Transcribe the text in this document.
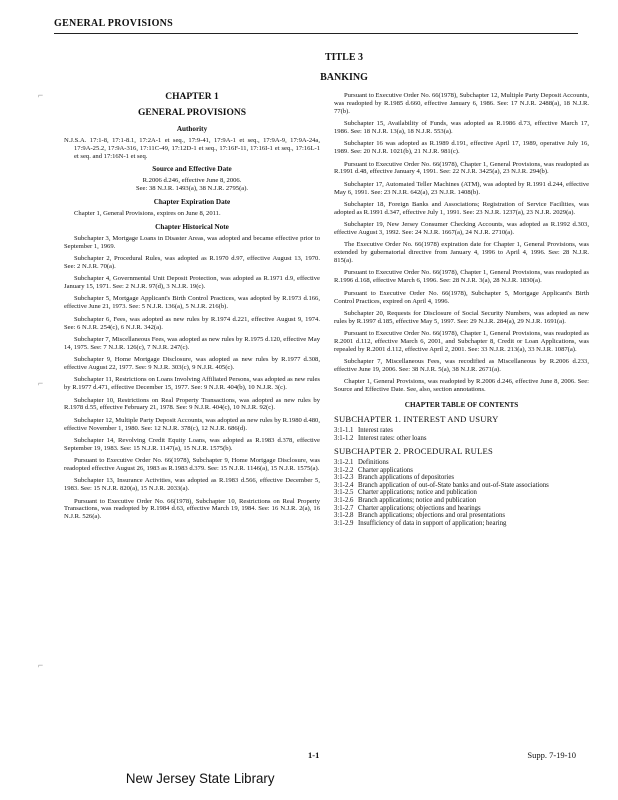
GENERAL PROVISIONS
TITLE 3
BANKING
⌐
⌐
⌐
CHAPTER 1
GENERAL PROVISIONS
Authority

N.J.S.A. 17:1-8, 17:1-8.1, 17:2A-1 et seq., 17:9-41, 17:9A-1 et seq., 17:9A-9, 17:9A-24a, 17:9A-25.2, 17:9A-316, 17:11C-49, 17:12D-1 et seq., 17:16F-11, 17:16I-1 et seq., 17:16L-1 et seq. and 17:16N-1 et seq.

Source and Effective Date

R.2006 d.246, effective June 8, 2006.

See: 38 N.J.R. 1493(a), 38 N.J.R. 2795(a).

Chapter Expiration Date

Chapter 1, General Provisions, expires on June 8, 2011.

Chapter Historical Note

Subchapter 3, Mortgage Loans in Disaster Areas, was adopted and became effective prior to September 1, 1969.

Subchapter 2, Procedural Rules, was adopted as R.1970 d.97, effective August 13, 1970. See: 2 N.J.R. 70(a).

Subchapter 4, Governmental Unit Deposit Protection, was adopted as R.1971 d.9, effective January 15, 1971. See: 2 N.J.R. 97(d), 3 N.J.R. 19(c).

Subchapter 5, Mortgage Applicant's Birth Control Practices, was adopted by R.1973 d.166, effective June 21, 1973. See: 5 N.J.R. 136(a), 5 N.J.R. 216(b).

Subchapter 6, Fees, was adopted as new rules by R.1974 d.221, effective August 9, 1974. See: 6 N.J.R. 254(c), 6 N.J.R. 342(a).

Subchapter 7, Miscellaneous Fees, was adopted as new rules by R.1975 d.120, effective May 14, 1975. See: 7 N.J.R. 126(c), 7 N.J.R. 247(c).

Subchapter 9, Home Mortgage Disclosure, was adopted as new rules by R.1977 d.308, effective August 22, 1977. See: 9 N.J.R. 303(c), 9 N.J.R. 405(c).

Subchapter 11, Restrictions on Loans Involving Affiliated Persons, was adopted as new rules by R.1977 d.471, effective December 15, 1977. See: 9 N.J.R. 404(b), 10 N.J.R. 3(c).

Subchapter 10, Restrictions on Real Property Transactions, was adopted as new rules by R.1978 d.55, effective February 21, 1978. See: 9 N.J.R. 404(c), 10 N.J.R. 92(c).

Subchapter 12, Multiple Party Deposit Accounts, was adopted as new rules by R.1980 d.480, effective November 1, 1980. See: 12 N.J.R. 378(c), 12 N.J.R. 686(d).

Subchapter 14, Revolving Credit Equity Loans, was adopted as R.1983 d.378, effective September 19, 1983. See: 15 N.J.R. 1147(a), 15 N.J.R. 1575(b).

Pursuant to Executive Order No. 66(1978), Subchapter 9, Home Mortgage Disclosure, was readopted effective August 26, 1983 as R.1983 d.379. See: 15 N.J.R. 1146(a), 15 N.J.R. 1575(a).

Subchapter 13, Insurance Activities, was adopted as R.1983 d.566, effective December 5, 1983. See: 15 N.J.R. 820(a), 15 N.J.R. 2033(a).

Pursuant to Executive Order No. 66(1978), Subchapter 10, Restrictions on Real Property Transactions, was readopted by R.1984 d.63, effective March 19, 1984. See: 16 N.J.R. 2(a), 16 N.J.R. 526(a).

Pursuant to Executive Order No. 66(1978), Subchapter 12, Multiple Party Deposit Accounts, was readopted by R.1985 d.660, effective January 6, 1986. See: 17 N.J.R. 2488(a), 18 N.J.R. 77(b).

Subchapter 15, Availability of Funds, was adopted as R.1986 d.73, effective March 17, 1986. See: 18 N.J.R. 13(a), 18 N.J.R. 553(a).

Subchapter 16 was adopted as R.1989 d.191, effective April 17, 1989, operative July 16, 1989. See: 20 N.J.R. 1021(b), 21 N.J.R. 981(c).

Pursuant to Executive Order No. 66(1978), Chapter 1, General Provisions, was readopted as R.1991 d.48, effective January 4, 1991. See: 22 N.J.R. 3425(a), 23 N.J.R. 294(b).

Subchapter 17, Automated Teller Machines (ATM), was adopted by R.1991 d.244, effective May 6, 1991. See: 23 N.J.R. 642(a), 23 N.J.R. 1408(b).

Subchapter 18, Foreign Banks and Associations; Registration of Service Facilities, was adopted as R.1991 d.347, effective July 1, 1991. See: 23 N.J.R. 1237(a), 23 N.J.R. 2029(a).

Subchapter 19, New Jersey Consumer Checking Accounts, was adopted as R.1992 d.303, effective August 3, 1992. See: 24 N.J.R. 1667(a), 24 N.J.R. 2710(a).

The Executive Order No. 66(1978) expiration date for Chapter 1, General Provisions, was extended by gubernatorial directive from January 4, 1996 to April 4, 1996. See: 28 N.J.R. 815(a).

Pursuant to Executive Order No. 66(1978), Chapter 1, General Provisions, was readopted as R.1996 d.168, effective March 6, 1996. See: 28 N.J.R. 3(a), 28 N.J.R. 1830(a).

Pursuant to Executive Order No. 66(1978), Subchapter 5, Mortgage Applicant's Birth Control Practices, expired on April 4, 1996.

Subchapter 20, Requests for Disclosure of Social Security Numbers, was adopted as new rules by R.1997 d.185, effective May 5, 1997. See: 29 N.J.R. 284(a), 29 N.J.R. 1691(a).

Pursuant to Executive Order No. 66(1978), Chapter 1, General Provisions, was readopted as R.2001 d.112, effective March 6, 2001, and Subchapter 8, Credit or Loan Applications, was repealed by R.2001 d.112, effective April 2, 2001. See: 33 N.J.R. 213(a), 33 N.J.R. 1087(a).

Subchapter 7, Miscellaneous Fees, was recodified as Miscellaneous by R.2006 d.233, effective June 19, 2006. See: 38 N.J.R. 5(a), 38 N.J.R. 2671(a).

Chapter 1, General Provisions, was readopted by R.2006 d.246, effective June 8, 2006. See: Source and Effective Date. See, also, section annotations.

CHAPTER TABLE OF CONTENTS
SUBCHAPTER 1. INTEREST AND USURY
3:1-1.1 Interest rates
3:1-1.2 Interest rates: other loans
SUBCHAPTER 2. PROCEDURAL RULES
3:1-2.1 Definitions
3:1-2.2 Charter applications
3:1-2.3 Branch applications of depositories
3:1-2.4 Branch application of out-of-State banks and out-of-State associations
3:1-2.5 Charter applications; notice and publication
3:1-2.6 Branch applications; notice and publication
3:1-2.7 Charter applications; objections and hearings
3:1-2.8 Branch applications; objections and oral presentations
3:1-2.9 Insufficiency of data in support of application; hearing
1-1	Supp. 7-19-10
New Jersey State Library
